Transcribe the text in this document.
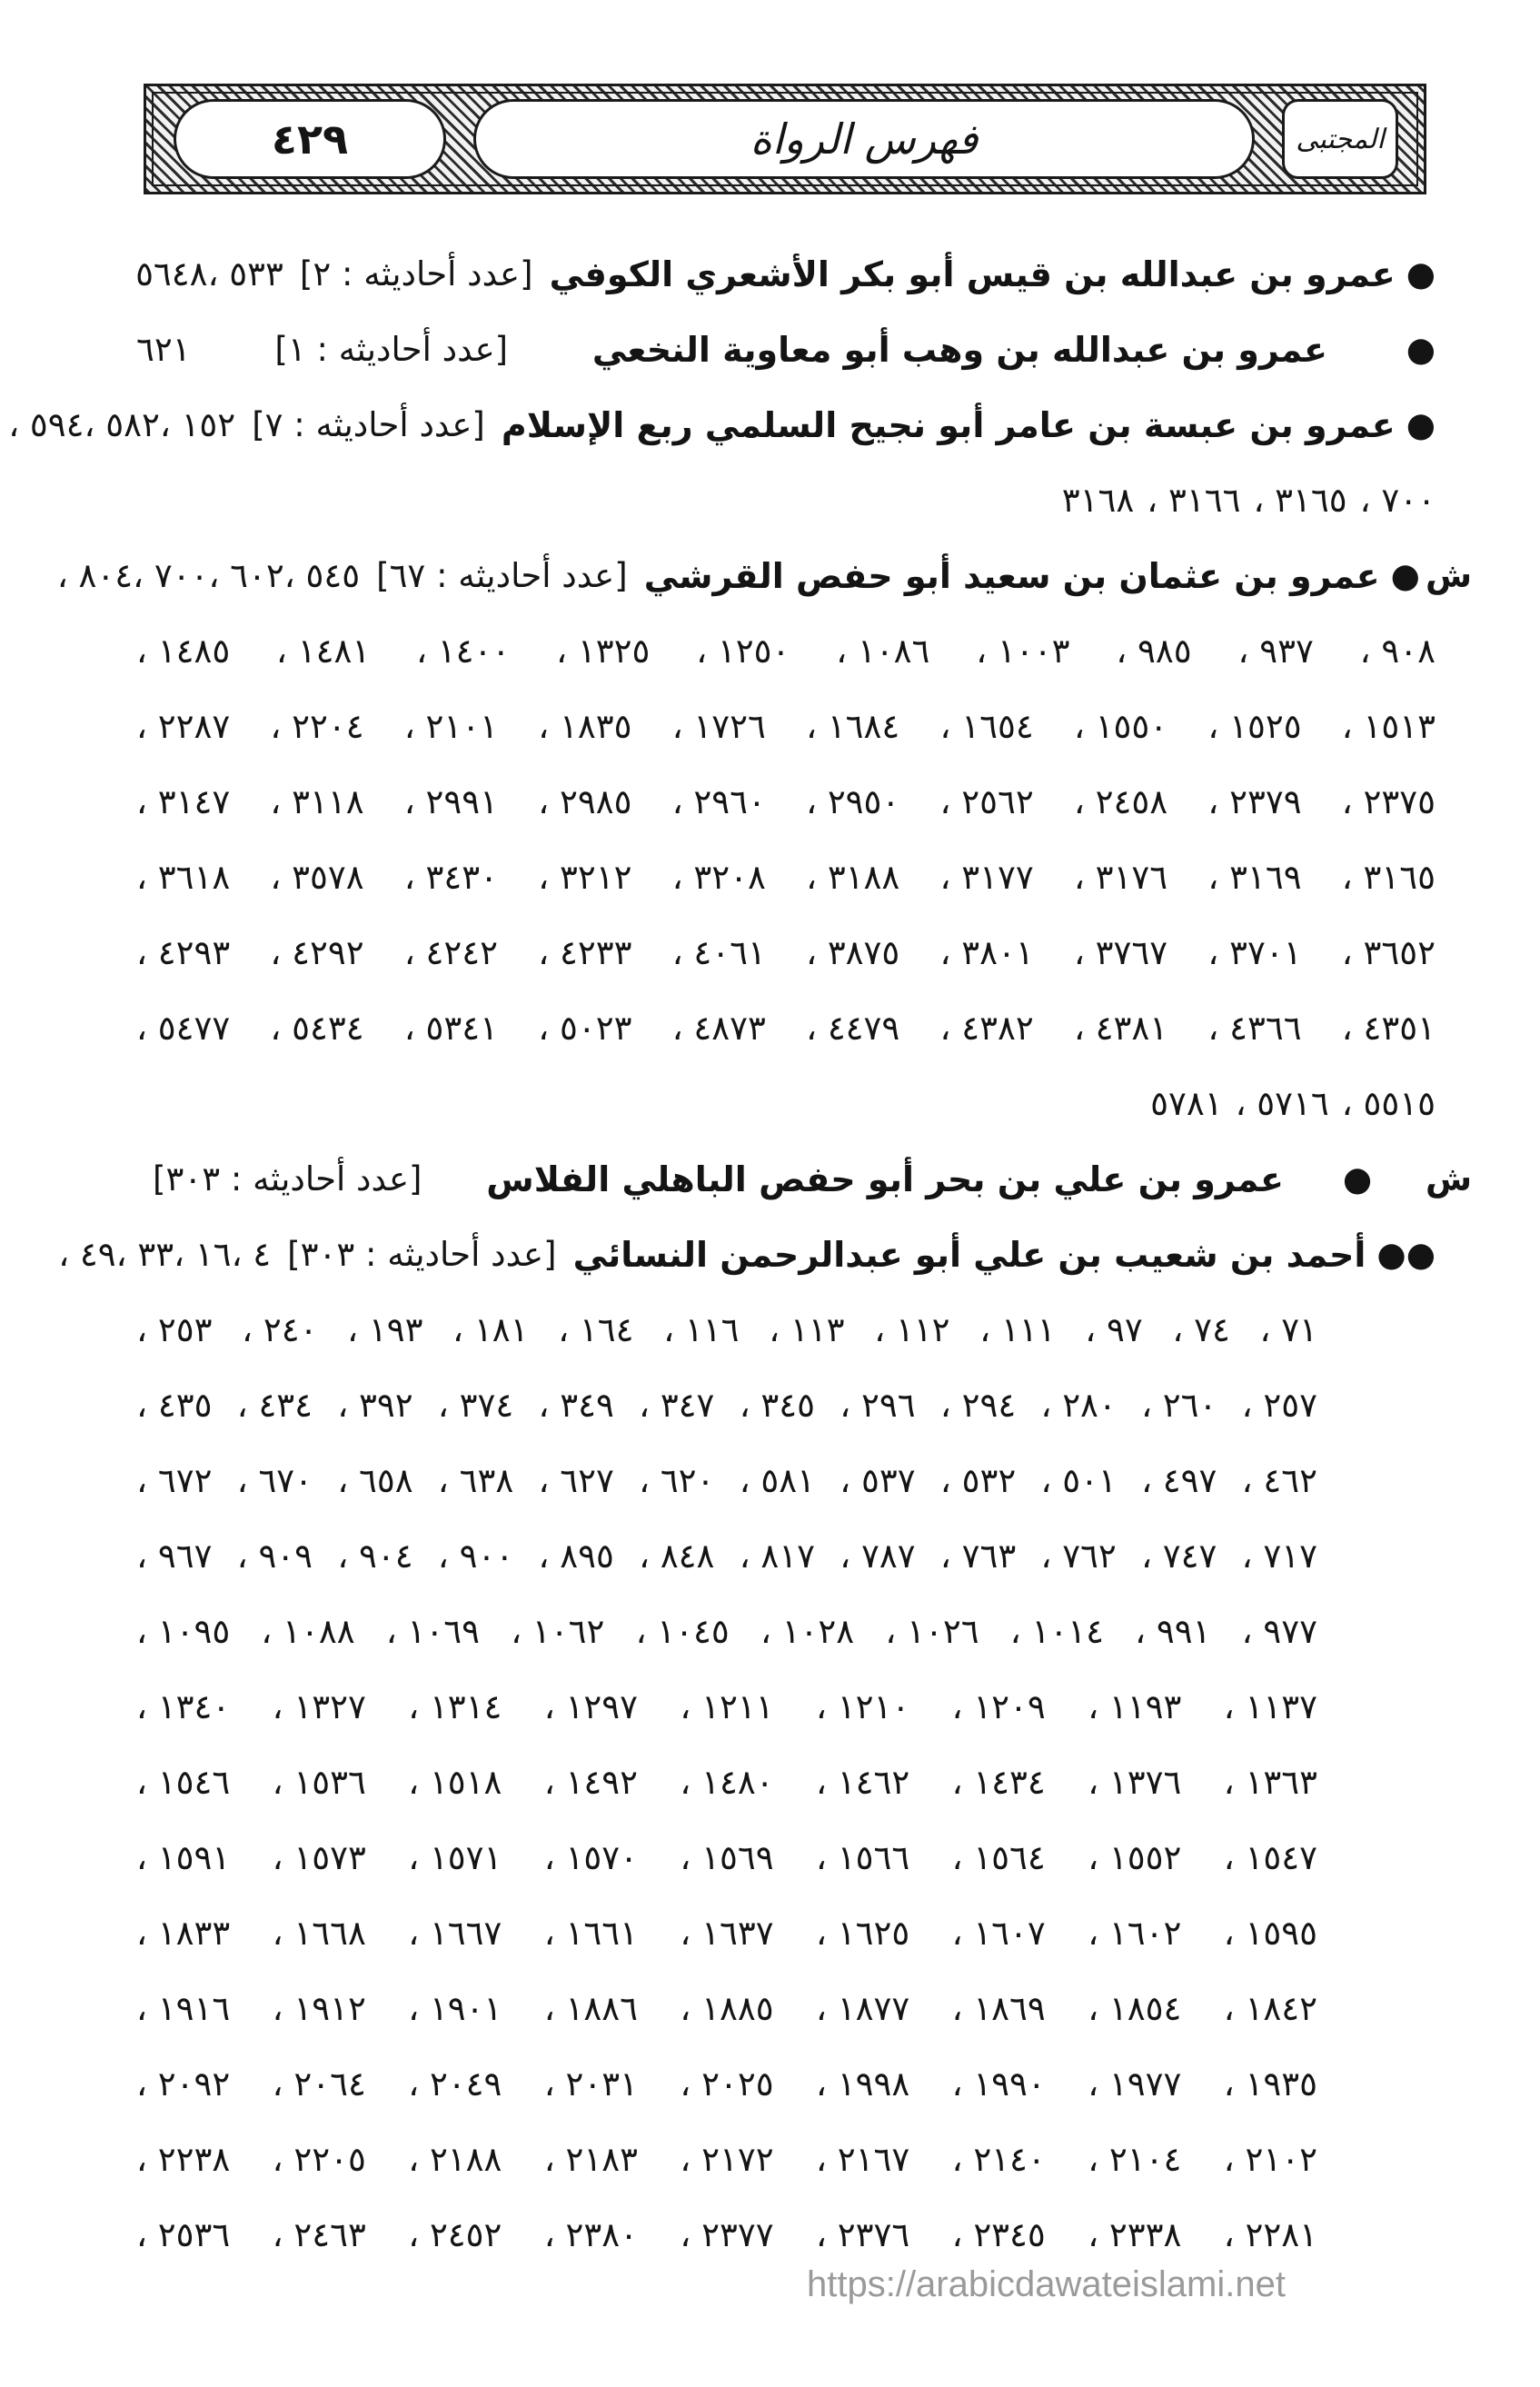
٤٢٩	فهرس الرواة	المجتبى
●
عمرو بن عبدالله بن قيس أبو بكر الأشعري الكوفي
[عدد أحاديثه : ٢]
٥٣٣ ،
٥٦٤٨
●
عمرو بن عبدالله بن وهب أبو معاوية النخعي
[عدد أحاديثه : ١]
٦٢١
●
عمرو بن عبسة بن عامر أبو نجيح السلمي ربع الإسلام
[عدد أحاديثه : ٧]
١٥٢ ،
٥٨٢ ،
٥٩٤ ،
٧٠٠ ،
٣١٦٥ ،
٣١٦٦ ،
٣١٦٨
ش
●
عمرو بن عثمان بن سعيد أبو حفص القرشي
[عدد أحاديثه : ٦٧]
٥٤٥ ،
٦٠٢ ،
٧٠٠ ،
٨٠٤ ،
٩٠٨ ،
٩٣٧ ،
٩٨٥ ،
١٠٠٣ ،
١٠٨٦ ،
١٢٥٠ ،
١٣٢٥ ،
١٤٠٠ ،
١٤٨١ ،
١٤٨٥ ،
١٥١٣ ،
١٥٢٥ ،
١٥٥٠ ،
١٦٥٤ ،
١٦٨٤ ،
١٧٢٦ ،
١٨٣٥ ،
٢١٠١ ،
٢٢٠٤ ،
٢٢٨٧ ،
٢٣٧٥ ،
٢٣٧٩ ،
٢٤٥٨ ،
٢٥٦٢ ،
٢٩٥٠ ،
٢٩٦٠ ،
٢٩٨٥ ،
٢٩٩١ ،
٣١١٨ ،
٣١٤٧ ،
٣١٦٥ ،
٣١٦٩ ،
٣١٧٦ ،
٣١٧٧ ،
٣١٨٨ ،
٣٢٠٨ ،
٣٢١٢ ،
٣٤٣٠ ،
٣٥٧٨ ،
٣٦١٨ ،
٣٦٥٢ ،
٣٧٠١ ،
٣٧٦٧ ،
٣٨٠١ ،
٣٨٧٥ ،
٤٠٦١ ،
٤٢٣٣ ،
٤٢٤٢ ،
٤٢٩٢ ،
٤٢٩٣ ،
٤٣٥١ ،
٤٣٦٦ ،
٤٣٨١ ،
٤٣٨٢ ،
٤٤٧٩ ،
٤٨٧٣ ،
٥٠٢٣ ،
٥٣٤١ ،
٥٤٣٤ ،
٥٤٧٧ ،
٥٥١٥ ،
٥٧١٦ ،
٥٧٨١
ش
●
عمرو بن علي بن بحر أبو حفص الباهلي الفلاس
[عدد أحاديثه : ٣٠٣]
●●
أحمد بن شعيب بن علي أبو عبدالرحمن النسائي
[عدد أحاديثه : ٣٠٣]
٤ ،
١٦ ،
٣٣ ،
٤٩ ،
٧١ ،
٧٤ ،
٩٧ ،
١١١ ،
١١٢ ،
١١٣ ،
١١٦ ،
١٦٤ ،
١٨١ ،
١٩٣ ،
٢٤٠ ،
٢٥٣ ،
٢٥٧ ،
٢٦٠ ،
٢٨٠ ،
٢٩٤ ،
٢٩٦ ،
٣٤٥ ،
٣٤٧ ،
٣٤٩ ،
٣٧٤ ،
٣٩٢ ،
٤٣٤ ،
٤٣٥ ،
٤٦٢ ،
٤٩٧ ،
٥٠١ ،
٥٣٢ ،
٥٣٧ ،
٥٨١ ،
٦٢٠ ،
٦٢٧ ،
٦٣٨ ،
٦٥٨ ،
٦٧٠ ،
٦٧٢ ،
٧١٧ ،
٧٤٧ ،
٧٦٢ ،
٧٦٣ ،
٧٨٧ ،
٨١٧ ،
٨٤٨ ،
٨٩٥ ،
٩٠٠ ،
٩٠٤ ،
٩٠٩ ،
٩٦٧ ،
٩٧٧ ،
٩٩١ ،
١٠١٤ ،
١٠٢٦ ،
١٠٢٨ ،
١٠٤٥ ،
١٠٦٢ ،
١٠٦٩ ،
١٠٨٨ ،
١٠٩٥ ،
١١٣٧ ،
١١٩٣ ،
١٢٠٩ ،
١٢١٠ ،
١٢١١ ،
١٢٩٧ ،
١٣١٤ ،
١٣٢٧ ،
١٣٤٠ ،
١٣٦٣ ،
١٣٧٦ ،
١٤٣٤ ،
١٤٦٢ ،
١٤٨٠ ،
١٤٩٢ ،
١٥١٨ ،
١٥٣٦ ،
١٥٤٦ ،
١٥٤٧ ،
١٥٥٢ ،
١٥٦٤ ،
١٥٦٦ ،
١٥٦٩ ،
١٥٧٠ ،
١٥٧١ ،
١٥٧٣ ،
١٥٩١ ،
١٥٩٥ ،
١٦٠٢ ،
١٦٠٧ ،
١٦٢٥ ،
١٦٣٧ ،
١٦٦١ ،
١٦٦٧ ،
١٦٦٨ ،
١٨٣٣ ،
١٨٤٢ ،
١٨٥٤ ،
١٨٦٩ ،
١٨٧٧ ،
١٨٨٥ ،
١٨٨٦ ،
١٩٠١ ،
١٩١٢ ،
١٩١٦ ،
١٩٣٥ ،
١٩٧٧ ،
١٩٩٠ ،
١٩٩٨ ،
٢٠٢٥ ،
٢٠٣١ ،
٢٠٤٩ ،
٢٠٦٤ ،
٢٠٩٢ ،
٢١٠٢ ،
٢١٠٤ ،
٢١٤٠ ،
٢١٦٧ ،
٢١٧٢ ،
٢١٨٣ ،
٢١٨٨ ،
٢٢٠٥ ،
٢٢٣٨ ،
٢٢٨١ ،
٢٣٣٨ ،
٢٣٤٥ ،
٢٣٧٦ ،
٢٣٧٧ ،
٢٣٨٠ ،
٢٤٥٢ ،
٢٤٦٣ ،
٢٥٣٦ ،
https://arabicdawateislami.net
